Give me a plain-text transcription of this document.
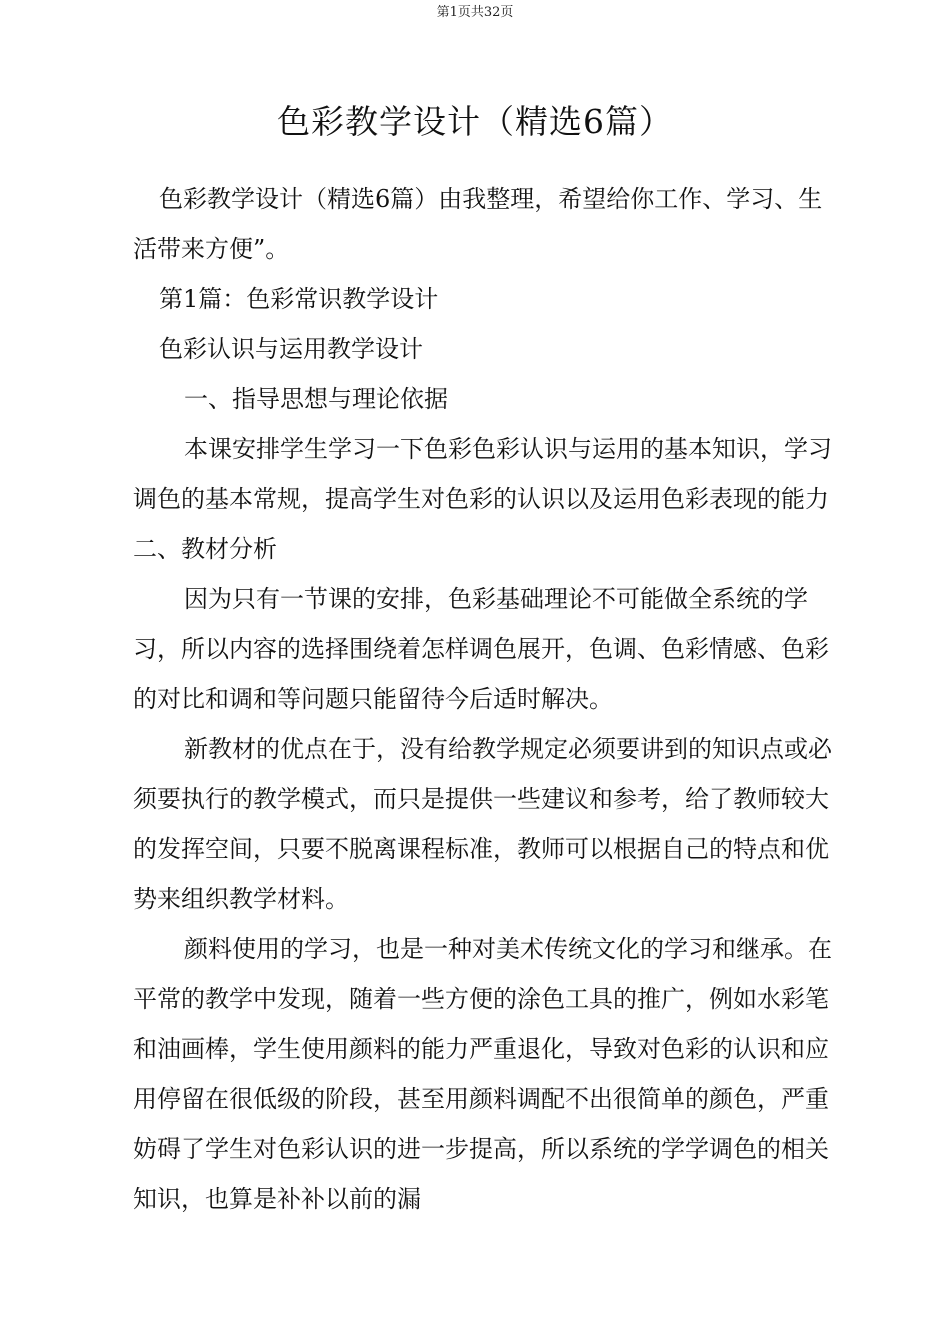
第1页共32页
色彩教学设计（精选6篇）

色彩教学设计（精选6篇）由我整理，希望给你工作、学习、生活带来方便”。

第1篇：色彩常识教学设计

色彩认识与运用教学设计

一、指导思想与理论依据

本课安排学生学习一下色彩色彩认识与运用的基本知识，学习调色的基本常规，提高学生对色彩的认识以及运用色彩表现的能力二、教材分析

因为只有一节课的安排，色彩基础理论不可能做全系统的学习，所以内容的选择围绕着怎样调色展开，色调、色彩情感、色彩的对比和调和等问题只能留待今后适时解决。

新教材的优点在于，没有给教学规定必须要讲到的知识点或必须要执行的教学模式，而只是提供一些建议和参考，给了教师较大的发挥空间，只要不脱离课程标准，教师可以根据自己的特点和优势来组织教学材料。

颜料使用的学习，也是一种对美术传统文化的学习和继承。在平常的教学中发现，随着一些方便的涂色工具的推广，例如水彩笔和油画棒，学生使用颜料的能力严重退化，导致对色彩的认识和应用停留在很低级的阶段，甚至用颜料调配不出很简单的颜色，严重妨碍了学生对色彩认识的进一步提高，所以系统的学学调色的相关知识，也算是补补以前的漏
